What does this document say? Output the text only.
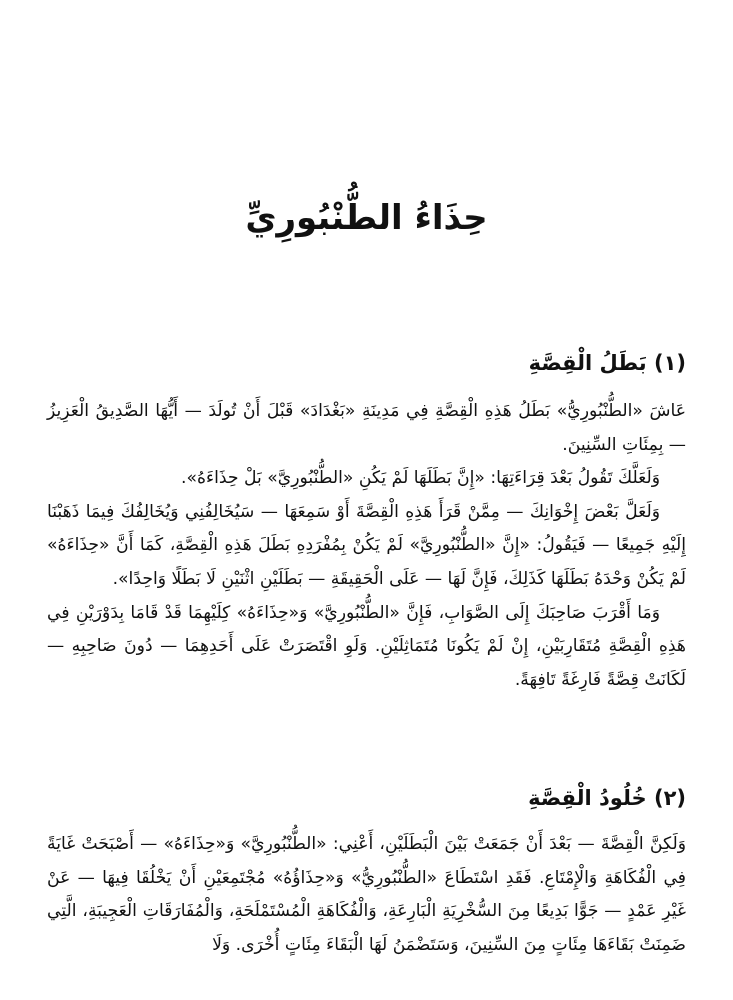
حِذَاءُ الطُّنْبُورِيِّ
(١) بَطَلُ الْقِصَّةِ

عَاشَ «الطُّنْبُورِيُّ» بَطَلُ هَذِهِ الْقِصَّةِ فِي مَدِينَةِ «بَغْدَادَ» قَبْلَ أَنْ تُولَدَ — أَيُّهَا الصَّدِيقُ الْعَزِيزُ — بِمِئَاتِ السِّنِينَ.

وَلَعَلَّكَ تَقُولُ بَعْدَ قِرَاءَتِهَا: «إِنَّ بَطَلَهَا لَمْ يَكُنِ «الطُّنْبُورِيَّ» بَلْ حِذَاءَهُ».

وَلَعَلَّ بَعْضَ إِخْوَانِكَ — مِمَّنْ قَرَأَ هَذِهِ الْقِصَّةَ أَوْ سَمِعَهَا — سَيُخَالِفُنِي وَيُخَالِفُكَ فِيمَا ذَهَبْنَا إِلَيْهِ جَمِيعًا — فَيَقُولُ: «إِنَّ «الطُّنْبُورِيَّ» لَمْ يَكُنْ بِمُفْرَدِهِ بَطَلَ هَذِهِ الْقِصَّةِ، كَمَا أَنَّ «حِذَاءَهُ» لَمْ يَكُنْ وَحْدَهُ بَطَلَهَا كَذَلِكَ، فَإِنَّ لَهَا — عَلَى الْحَقِيقَةِ — بَطَلَيْنِ اثْنَيْنِ لَا بَطَلًا وَاحِدًا».

وَمَا أَقْرَبَ صَاحِبَكَ إِلَى الصَّوَابِ، فَإِنَّ «الطُّنْبُورِيَّ» وَ«حِذَاءَهُ» كِلَيْهِمَا قَدْ قَامَا بِدَوْرَيْنِ فِي هَذِهِ الْقِصَّةِ مُتَقَارِبَيْنِ، إِنْ لَمْ يَكُونَا مُتَمَاثِلَيْنِ. وَلَوِ اقْتَصَرَتْ عَلَى أَحَدِهِمَا — دُونَ صَاحِبِهِ — لَكَانَتْ قِصَّةً فَارِغَةً تَافِهَةً.

(٢) خُلُودُ الْقِصَّةِ

وَلَكِنَّ الْقِصَّةَ — بَعْدَ أَنْ جَمَعَتْ بَيْنَ الْبَطَلَيْنِ، أَعْنِي: «الطُّنْبُورِيَّ» وَ«حِذَاءَهُ» — أَصْبَحَتْ غَايَةً فِي الْفُكَاهَةِ وَالْإِمْتَاعِ. فَقَدِ اسْتَطَاعَ «الطُّنْبُورِيُّ» وَ«حِذَاؤُهُ» مُجْتَمِعَيْنِ أَنْ يَخْلُقَا فِيهَا — عَنْ غَيْرِ عَمْدٍ — جَوًّا بَدِيعًا مِنَ السُّخْرِيَةِ الْبَارِعَةِ، وَالْفُكَاهَةِ الْمُسْتَمْلَحَةِ، وَالْمُفَارَقَاتِ الْعَجِيبَةِ، الَّتِي ضَمِنَتْ بَقَاءَهَا مِئَاتٍ مِنَ السِّنِينَ، وَسَتَضْمَنُ لَهَا الْبَقَاءَ مِئَاتٍ أُخْرَى. وَلَا
